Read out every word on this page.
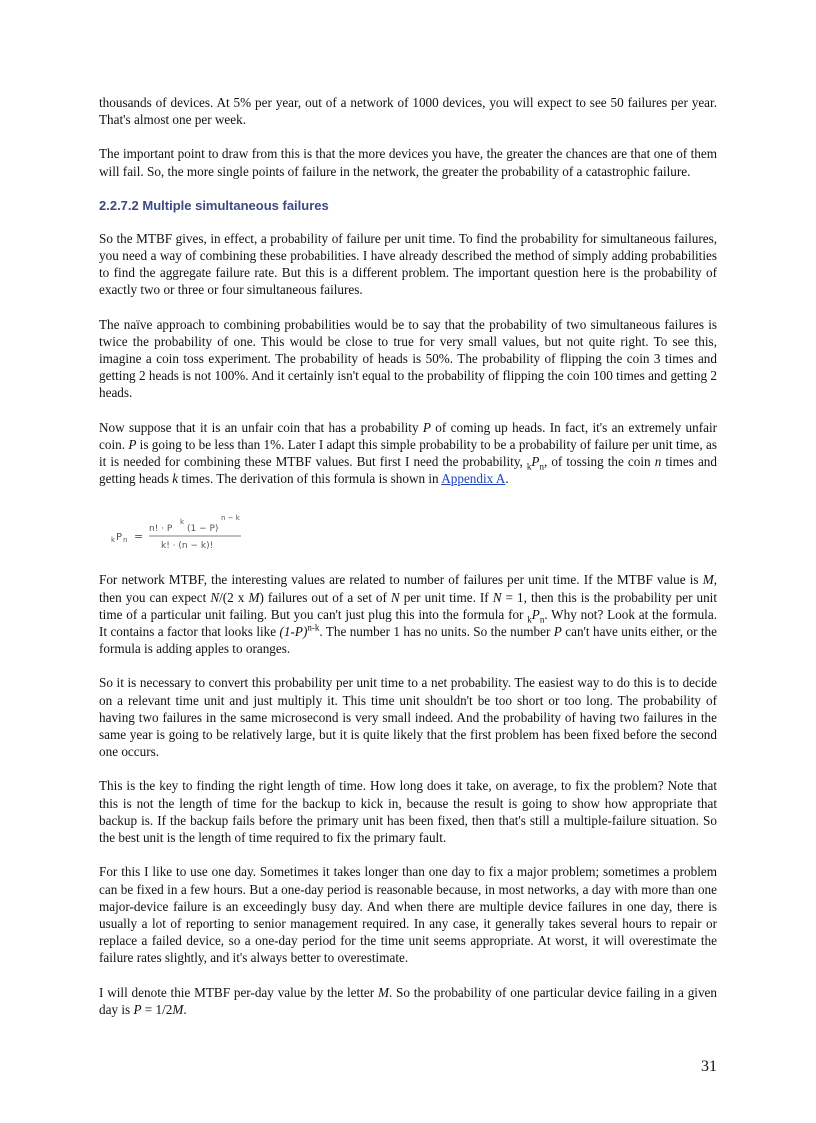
thousands of devices. At 5% per year, out of a network of 1000 devices, you will expect to see 50 failures per year. That's almost one per week.

The important point to draw from this is that the more devices you have, the greater the chances are that one of them will fail. So, the more single points of failure in the network, the greater the probability of a catastrophic failure.

2.2.7.2 Multiple simultaneous failures

So the MTBF gives, in effect, a probability of failure per unit time. To find the probability for simultaneous failures, you need a way of combining these probabilities. I have already described the method of simply adding probabilities to find the aggregate failure rate. But this is a different problem. The important question here is the probability of exactly two or three or four simultaneous failures.

The naïve approach to combining probabilities would be to say that the probability of two simultaneous failures is twice the probability of one. This would be close to true for very small values, but not quite right. To see this, imagine a coin toss experiment. The probability of heads is 50%. The probability of flipping the coin 3 times and getting 2 heads is not 100%. And it certainly isn't equal to the probability of flipping the coin 100 times and getting 2 heads.

Now suppose that it is an unfair coin that has a probability P of coming up heads. In fact, it's an extremely unfair coin. P is going to be less than 1%. Later I adapt this simple probability to be a probability of failure per unit time, as it is needed for combining these MTBF values. But first I need the probability, $_kP_n$, of tossing the coin n times and getting heads k times. The derivation of this formula is shown in Appendix A.

k P n =
n! · P
k
(1 − P)
n − k
k! · (n − k)!

For network MTBF, the interesting values are related to number of failures per unit time. If the MTBF value is M, then you can expect N/(2 x M) failures out of a set of N per unit time. If N = 1, then this is the probability per unit time of a particular unit failing. But you can't just plug this into the formula for $_kP_n$. Why not? Look at the formula. It contains a factor that looks like $(1-P)^{n-k}$. The number 1 has no units. So the number P can't have units either, or the formula is adding apples to oranges.

So it is necessary to convert this probability per unit time to a net probability. The easiest way to do this is to decide on a relevant time unit and just multiply it. This time unit shouldn't be too short or too long. The probability of having two failures in the same microsecond is very small indeed. And the probability of having two failures in the same year is going to be relatively large, but it is quite likely that the first problem has been fixed before the second one occurs.

This is the key to finding the right length of time. How long does it take, on average, to fix the problem? Note that this is not the length of time for the backup to kick in, because the result is going to show how appropriate that backup is. If the backup fails before the primary unit has been fixed, then that's still a multiple-failure situation. So the best unit is the length of time required to fix the primary fault.

For this I like to use one day. Sometimes it takes longer than one day to fix a major problem; sometimes a problem can be fixed in a few hours. But a one-day period is reasonable because, in most networks, a day with more than one major-device failure is an exceedingly busy day. And when there are multiple device failures in one day, there is usually a lot of reporting to senior management required. In any case, it generally takes several hours to repair or replace a failed device, so a one-day period for the time unit seems appropriate. At worst, it will overestimate the failure rates slightly, and it's always better to overestimate.

I will denote thie MTBF per-day value by the letter M. So the probability of one particular device failing in a given day is P = 1/2M.

31
